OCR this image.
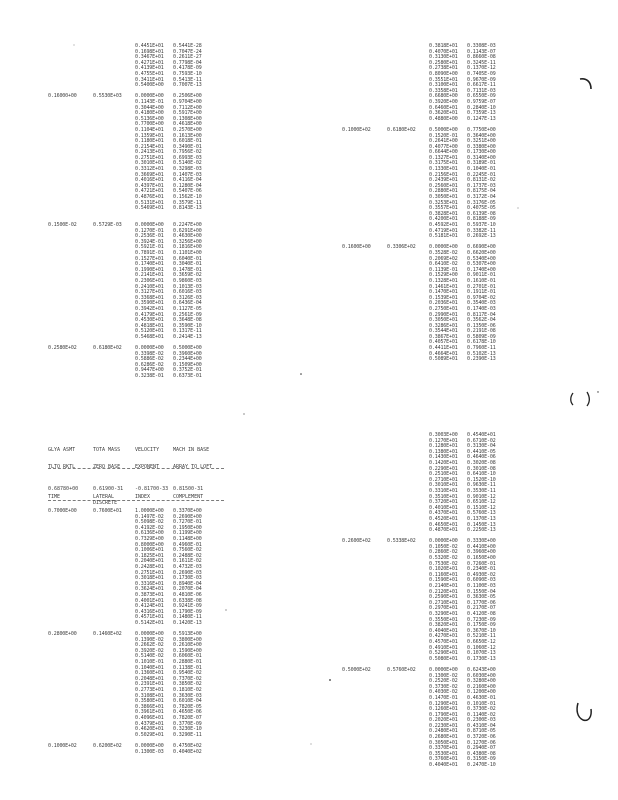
0.4451E+01	0.5441E-28
0.1698E+01	0.7047E-24
0.3467E+01	0.2611E-27
0.4271E+01	0.7798E-04
0.4139E+01	0.4178E-09
0.4755E+01	0.7593E-10
0.3411E+01	0.5413E-11
0.5400E+00	0.7007E-13
0.16000+00	0.5530E+03	0.0000E+00	0.2506E+00
0.1143E-01	0.9704E+00
0.3044E+00	0.7112E+00
0.4180E+00	0.5917E+00
0.5136E+00	0.1308E+00
0.7700E+00	0.4618E+00
0.1104E+01	0.2570E+00
0.1359E+01	0.1613E+00
0.1180E+01	0.6018E-01
0.2154E+01	0.3490E-01
0.2413E+01	0.7956E-02
0.2751E+01	0.6993E-03
0.3010E+01	0.5140E-02
0.3312E+01	0.3298E-03
0.3669E+01	0.1407E-03
0.4016E+01	0.4116E-04
0.4397E+01	0.1280E-04
0.4721E+01	0.5407E-06
0.4876E+01	0.1562E-10
0.5131E+01	0.3579E-11
0.5469E+01	0.8143E-13
0.1500E-02	0.5729E-03	0.0000E+00	0.2247E+00
0.1270E-01	0.6291E+00
0.2536E-01	0.4630E+00
0.3924E-01	0.3256E+00
0.5921E-01	0.1816E+00
0.7891E-01	0.1101E+00
0.1527E+01	0.6040E-01
0.1740E+01	0.3040E-01
0.1990E+01	0.1478E-01
0.2141E+01	0.3659E-02
0.2306E+01	0.9860E-03
0.2410E+01	0.1013E-03
0.3127E+01	0.6016E-03
0.3368E+01	0.3126E-03
0.3590E+01	0.6436E-04
0.3942E+01	0.1127E-05
0.4179E+01	0.2561E-09
0.4530E+01	0.3648E-08
0.4818E+01	0.3590E-10
0.5120E+01	0.1317E-11
0.5468E+01	0.2414E-13
0.2580E+02	0.6180E+02	0.0000E+00	0.5000E+00
0.3398E-02	0.3960E+00
0.5886E-02	0.2344E+00
0.6286E-02	0.1509E+00
0.9447E+00	0.3752E-01
0.3238E-01	0.6373E-01
0.3818E+01	0.3308E-03
0.4070E+01	0.1143E-07
0.3130E+01	0.8660E-08
0.2580E+01	0.3245E-11
0.2738E+01	0.1370E-12
0.8090E+00	0.7405E-09
0.3551E+01	0.9670E-09
0.3100E+01	0.6617E-11
0.3358E+01	0.7131E-03
0.6680E+00	0.6550E-09
0.3920E+00	0.9759E-07
0.6460E+01	0.2840E-10
0.3620E+01	0.7359E-13
0.4880E+00	0.1247E-13
0.1000E+02	0.6180E+02	0.5000E+00	0.7750E+00
0.1520E-01	0.3640E+00
0.2641E+00	0.3251E+00
0.4077E+00	0.3380E+00
0.6644E+00	0.1730E+00
0.1327E+01	0.3140E+00
0.3175E+01	0.3189E-01
0.1330E+01	0.1040E-01
0.2156E+01	0.2245E-01
0.2439E+01	0.8131E-02
0.2560E+01	0.1737E-03
0.2880E+01	0.8175E-04
0.3050E+01	0.3172E-04
0.3253E+01	0.3176E-05
0.3557E+01	0.4075E-05
0.3828E+01	0.6139E-08
0.4200E+01	0.8188E-09
0.4592E+01	0.5937E-10
0.4719E+01	0.3382E-11
0.5181E+01	0.2692E-13
0.1600E+00	0.3306E+02	0.0000E+00	0.6690E+00
0.3528E-02	0.6620E+00
0.2069E+02	0.5340E+00
0.6410E-02	0.5307E+00
0.1139E-01	0.1740E+00
0.1529E+00	0.9011E-01
0.1328E+01	0.1610E-01
0.1461E+01	0.2701E-01
0.1470E+01	0.1911E-01
0.1539E+01	0.9704E-02
0.2036E+01	0.3540E-03
0.2750E+01	0.1740E-03
0.2990E+01	0.8117E-04
0.3050E+01	0.3562E-04
0.3286E+01	0.1350E-06
0.3544E+01	0.2191E-08
0.3867E+01	0.5809E-09
0.4057E+01	0.6178E-10
0.4411E+01	0.7960E-11
0.4664E+01	0.5102E-13
0.5089E+01	0.2390E-13
0.7000E+00	0.7600E+01	1.0000E+00	0.3370E+00
0.1497E-02	0.2690E+00
0.5098E-02	0.7270E-01
0.4192E-02	0.1950E+00
0.6136E+00	0.1199E+00
0.7329E+00	0.1148E+00
0.8000E+00	0.4960E-01
0.1006E+01	0.7560E-02
0.1825E+01	0.2488E-02
0.2040E+01	0.1611E-02
0.2428E+01	0.4732E-03
0.2751E+01	0.2690E-03
0.3018E+01	0.1730E-03
0.3316E+01	0.8940E-04
0.3624E+01	0.2070E-04
0.3873E+01	0.4810E-06
0.4001E+01	0.6338E-08
0.4124E+01	0.9241E-09
0.4316E+01	0.1790E-09
0.4571E+01	0.1480E-11
0.5142E+01	0.1420E-13
0.2800E+00	0.1460E+02	0.0000E+00	0.5913E+00
0.1390E-02	0.3800E+00
0.2662E-02	0.2610E+00
0.3920E-02	0.1590E+00
0.5140E-02	0.6060E-01
0.1010E-01	0.2880E-01
0.1040E+01	0.1138E-01
0.1360E+01	0.9540E-02
0.2048E+01	0.7370E-02
0.2391E+01	0.3850E-02
0.2773E+01	0.1810E-02
0.3108E+01	0.3630E-03
0.3580E+01	0.6010E-04
0.3866E+01	0.7820E-05
0.3961E+01	0.4650E-06
0.4096E+01	0.7820E-07
0.4379E+01	0.3770E-09
0.4620E+01	0.3230E-10
0.5029E+01	0.3290E-11
0.1000E+02	0.6200E+02	0.0000E+00	0.4750E+02
0.1300E-03	0.4040E+02
0.3003E+00	0.4540E+01
0.1270E+01	0.6710E-02
0.1280E+01	0.3130E-04
0.1380E+01	0.4410E-05
0.1430E+01	0.4640E-06
0.1420E+01	0.3020E-08
0.2290E+01	0.3010E-08
0.2510E+01	0.6410E-10
0.2710E+01	0.1520E-10
0.3010E+01	0.9630E-11
0.3310E+01	0.3530E-11
0.3510E+01	0.9010E-12
0.3720E+01	0.6510E-12
0.4010E+01	0.1510E-12
0.4370E+01	0.5760E-13
0.4520E+01	0.1370E-13
0.4650E+01	0.1450E-13
0.4870E+01	0.2250E-13
0.2600E+02	0.5338E+02	0.0000E+00	0.3330E+00
0.1050E-02	0.4410E+00
0.2860E-02	0.3960E+00
0.5320E-02	0.1650E+00
0.7530E-02	0.7260E-01
0.1020E+01	0.2340E-01
0.1160E+01	0.4930E-02
0.1590E+01	0.6090E-03
0.2140E+01	0.1100E-03
0.2120E+01	0.1550E-04
0.2590E+01	0.3630E-05
0.2710E+01	0.1770E-06
0.2970E+01	0.2170E-07
0.3290E+01	0.4120E-08
0.3550E+01	0.7230E-09
0.3820E+01	0.1750E-09
0.4040E+01	0.3670E-10
0.4270E+01	0.5210E-11
0.4570E+01	0.6650E-12
0.4910E+01	0.1060E-12
0.5290E+01	0.1070E-13
0.5080E+01	0.1730E-13
0.5000E+02	0.5760E+02	0.0000E+00	0.6243E+00
0.1300E-02	0.6030E+00
0.2520E-02	0.3280E+00
0.3730E-02	0.2160E+00
0.4030E-02	0.1200E+00
0.1470E-01	0.4630E-01
0.1290E+01	0.1010E-01
0.1260E+01	0.3730E-02
0.1790E+01	0.1140E-02
0.2020E+01	0.2300E-03
0.2230E+01	0.4310E-04
0.2480E+01	0.8710E-05
0.2680E+01	0.3720E-06
0.3050E+01	0.1270E-06
0.3370E+01	0.2940E-07
0.3530E+01	0.4380E-08
0.3760E+01	0.3150E-09
0.4040E+01	0.2470E-10

GLYA ASMT	TOTA MASS	VELOCITY	MACH IN BASE

TLTO RKTL	ZERO BASE	EXPONENT	ARRAY TO LOFT

0.68780+00	0.61900-31	-0.81700-33 0.81500-31

TIME	LATERAL DISCRETE
INDEX	COMPLEMENT
